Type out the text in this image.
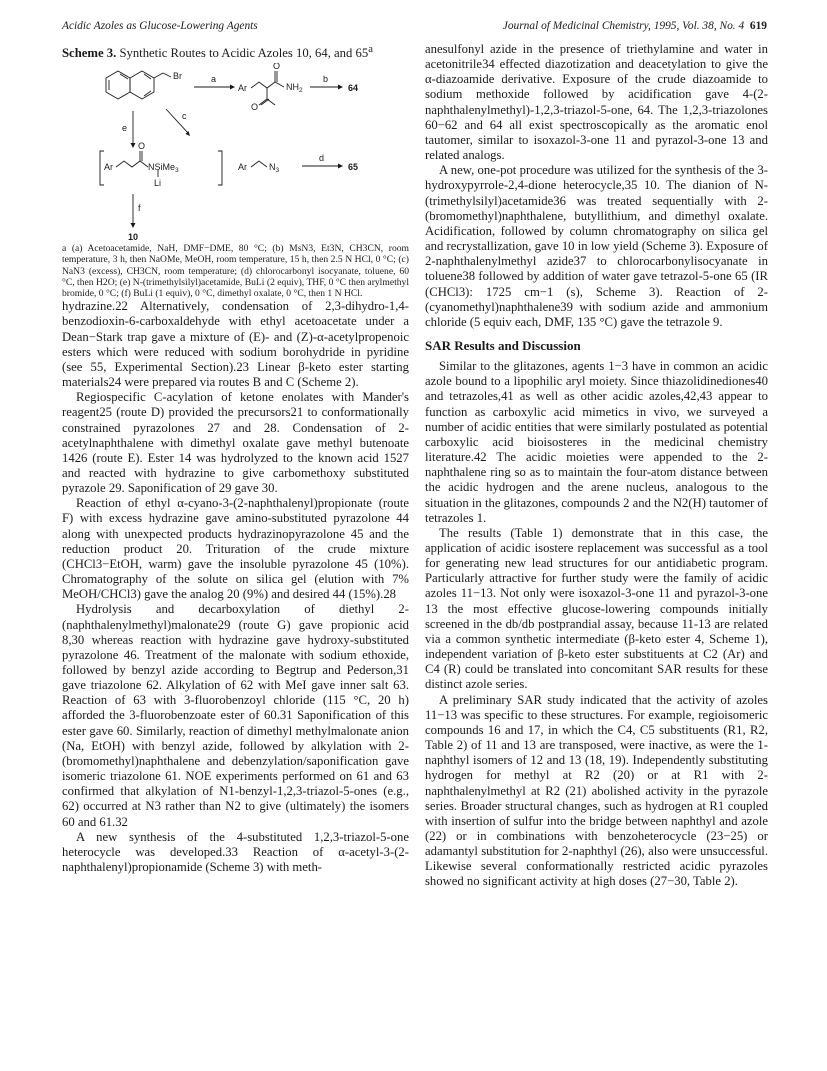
Acidic Azoles as Glucose-Lowering Agents	Journal of Medicinal Chemistry, 1995, Vol. 38, No. 4 619

Scheme 3. Synthetic Routes to Acidic Azoles 10, 64, and 65$^a$

Br	a
Ar
O
O
$NH_2$
b
64
e
c
Ar
O
NSiMe$_3$
Li
Ar $N_3$
d
65
f
10

a (a) Acetoacetamide, NaH, DMF−DME, 80 °C; (b) MsN3, Et3N, CH3CN, room temperature, 3 h, then NaOMe, MeOH, room temperature, 15 h, then 2.5 N HCl, 0 °C; (c) NaN3 (excess), CH3CN, room temperature; (d) chlorocarbonyl isocyanate, toluene, 60 °C, then H2O; (e) N-(trimethylsilyl)acetamide, BuLi (2 equiv), THF, 0 °C then arylmethyl bromide, 0 °C; (f) BuLi (1 equiv), 0 °C, dimethyl oxalate, 0 °C, then 1 N HCl.

hydrazine.22 Alternatively, condensation of 2,3-dihydro-1,4-benzodioxin-6-carboxaldehyde with ethyl acetoacetate under a Dean−Stark trap gave a mixture of (E)- and (Z)-α-acetylpropenoic esters which were reduced with sodium borohydride in pyridine (see 55, Experimental Section).23 Linear β-keto ester starting materials24 were prepared via routes B and C (Scheme 2).

Regiospecific C-acylation of ketone enolates with Mander's reagent25 (route D) provided the precursors21 to conformationally constrained pyrazolones 27 and 28. Condensation of 2-acetylnaphthalene with dimethyl oxalate gave methyl butenoate 1426 (route E). Ester 14 was hydrolyzed to the known acid 1527 and reacted with hydrazine to give carbomethoxy substituted pyrazole 29. Saponification of 29 gave 30.

Reaction of ethyl α-cyano-3-(2-naphthalenyl)propionate (route F) with excess hydrazine gave amino-substituted pyrazolone 44 along with unexpected products hydrazinopyrazolone 45 and the reduction product 20. Trituration of the crude mixture (CHCl3−EtOH, warm) gave the insoluble pyrazolone 45 (10%). Chromatography of the solute on silica gel (elution with 7% MeOH/CHCl3) gave the analog 20 (9%) and desired 44 (15%).28

Hydrolysis and decarboxylation of diethyl 2-(naphthalenylmethyl)malonate29 (route G) gave propionic acid 8,30 whereas reaction with hydrazine gave hydroxy-substituted pyrazolone 46. Treatment of the malonate with sodium ethoxide, followed by benzyl azide according to Begtrup and Pederson,31 gave triazolone 62. Alkylation of 62 with MeI gave inner salt 63. Reaction of 63 with 3-fluorobenzoyl chloride (115 °C, 20 h) afforded the 3-fluorobenzoate ester of 60.31 Saponification of this ester gave 60. Similarly, reaction of dimethyl methylmalonate anion (Na, EtOH) with benzyl azide, followed by alkylation with 2-(bromomethyl)naphthalene and debenzylation/saponification gave isomeric triazolone 61. NOE experiments performed on 61 and 63 confirmed that alkylation of N1-benzyl-1,2,3-triazol-5-ones (e.g., 62) occurred at N3 rather than N2 to give (ultimately) the isomers 60 and 61.32

A new synthesis of the 4-substituted 1,2,3-triazol-5-one heterocycle was developed.33 Reaction of α-acetyl-3-(2-naphthalenyl)propionamide (Scheme 3) with meth-

anesulfonyl azide in the presence of triethylamine and water in acetonitrile34 effected diazotization and deacetylation to give the α-diazoamide derivative. Exposure of the crude diazoamide to sodium methoxide followed by acidification gave 4-(2-naphthalenylmethyl)-1,2,3-triazol-5-one, 64. The 1,2,3-triazolones 60−62 and 64 all exist spectroscopically as the aromatic enol tautomer, similar to isoxazol-3-one 11 and pyrazol-3-one 13 and related analogs.

A new, one-pot procedure was utilized for the synthesis of the 3-hydroxypyrrole-2,4-dione heterocycle,35 10. The dianion of N-(trimethylsilyl)acetamide36 was treated sequentially with 2-(bromomethyl)naphthalene, butyllithium, and dimethyl oxalate. Acidification, followed by column chromatography on silica gel and recrystallization, gave 10 in low yield (Scheme 3). Exposure of 2-naphthalenylmethyl azide37 to chlorocarbonylisocyanate in toluene38 followed by addition of water gave tetrazol-5-one 65 (IR (CHCl3): 1725 cm−1 (s), Scheme 3). Reaction of 2-(cyanomethyl)naphthalene39 with sodium azide and ammonium chloride (5 equiv each, DMF, 135 °C) gave the tetrazole 9.

SAR Results and Discussion

Similar to the glitazones, agents 1−3 have in common an acidic azole bound to a lipophilic aryl moiety. Since thiazolidinediones40 and tetrazoles,41 as well as other acidic azoles,42,43 appear to function as carboxylic acid mimetics in vivo, we surveyed a number of acidic entities that were similarly postulated as potential carboxylic acid bioisosteres in the medicinal chemistry literature.42 The acidic moieties were appended to the 2-naphthalene ring so as to maintain the four-atom distance between the acidic hydrogen and the arene nucleus, analogous to the situation in the glitazones, compounds 2 and the N2(H) tautomer of tetrazoles 1.

The results (Table 1) demonstrate that in this case, the application of acidic isostere replacement was successful as a tool for generating new lead structures for our antidiabetic program. Particularly attractive for further study were the family of acidic azoles 11−13. Not only were isoxazol-3-one 11 and pyrazol-3-one 13 the most effective glucose-lowering compounds initially screened in the db/db postprandial assay, because 11-13 are related via a common synthetic intermediate (β-keto ester 4, Scheme 1), independent variation of β-keto ester substituents at C2 (Ar) and C4 (R) could be translated into concomitant SAR results for these distinct azole series.

A preliminary SAR study indicated that the activity of azoles 11−13 was specific to these structures. For example, regioisomeric compounds 16 and 17, in which the C4, C5 substituents (R1, R2, Table 2) of 11 and 13 are transposed, were inactive, as were the 1-naphthyl isomers of 12 and 13 (18, 19). Independently substituting hydrogen for methyl at R2 (20) or at R1 with 2-naphthalenylmethyl at R2 (21) abolished activity in the pyrazole series. Broader structural changes, such as hydrogen at R1 coupled with insertion of sulfur into the bridge between naphthyl and azole (22) or in combinations with benzoheterocycle (23−25) or adamantyl substitution for 2-naphthyl (26), also were unsuccessful. Likewise several conformationally restricted acidic pyrazoles showed no significant activity at high doses (27−30, Table 2).
